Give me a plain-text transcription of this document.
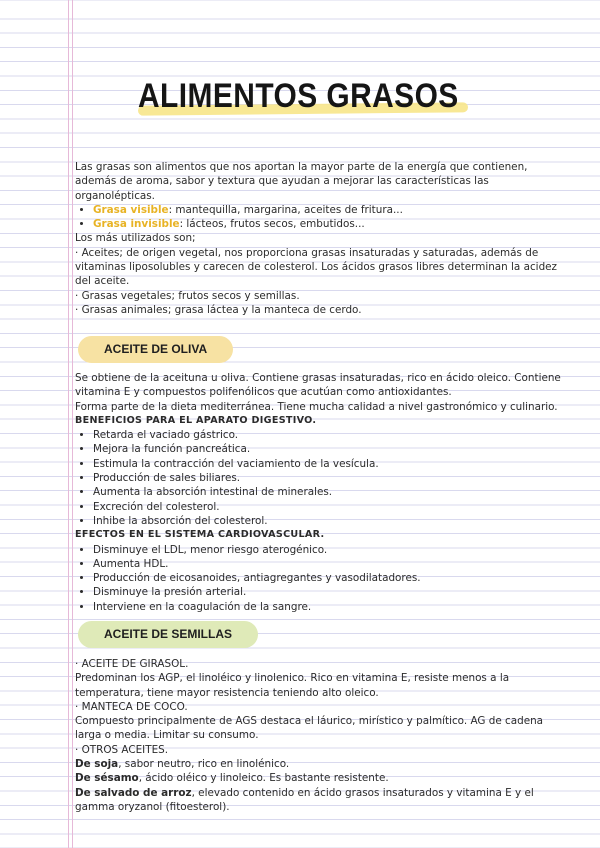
ALIMENTOS GRASOS

Las grasas son alimentos que nos aportan la mayor parte de la energía que contienen, además de aroma, sabor y textura que ayudan a mejorar las características las organolépticas.

• Grasa visible: mantequilla, margarina, aceites de fritura...
• Grasa invisible: lácteos, frutos secos, embutidos...

Los más utilizados son;

· Aceites; de origen vegetal, nos proporciona grasas insaturadas y saturadas, además de vitaminas liposolubles y carecen de colesterol. Los ácidos grasos libres determinan la acidez del aceite.

· Grasas vegetales; frutos secos y semillas.

· Grasas animales; grasa láctea y la manteca de cerdo.

ACEITE DE OLIVA

Se obtiene de la aceituna u oliva. Contiene grasas insaturadas, rico en ácido oleico. Contiene vitamina E y compuestos polifenólicos que acutúan como antioxidantes.

Forma parte de la dieta mediterránea. Tiene mucha calidad a nivel gastronómico y culinario.

BENEFICIOS PARA EL APARATO DIGESTIVO.

• Retarda el vaciado gástrico.
• Mejora la función pancreática.
• Estimula la contracción del vaciamiento de la vesícula.
• Producción de sales biliares.
• Aumenta la absorción intestinal de minerales.
• Excreción del colesterol.
• Inhibe la absorción del colesterol.

EFECTOS EN EL SISTEMA CARDIOVASCULAR.

• Disminuye el LDL, menor riesgo aterogénico.
• Aumenta HDL.
• Producción de eicosanoides, antiagregantes y vasodilatadores.
• Disminuye la presión arterial.
• Interviene en la coagulación de la sangre.
ACEITE DE SEMILLAS

· ACEITE DE GIRASOL.

Predominan los AGP, el linoléico y linolenico. Rico en vitamina E, resiste menos a la temperatura, tiene mayor resistencia teniendo alto oleico.

· MANTECA DE COCO.

Compuesto principalmente de AGS destaca el láurico, mirístico y palmítico. AG de cadena larga o media. Limitar su consumo.

· OTROS ACEITES.

De soja, sabor neutro, rico en linolénico.

De sésamo, ácido oléico y linoleico. Es bastante resistente.

De salvado de arroz, elevado contenido en ácido grasos insaturados y vitamina E y el gamma oryzanol (fitoesterol).
